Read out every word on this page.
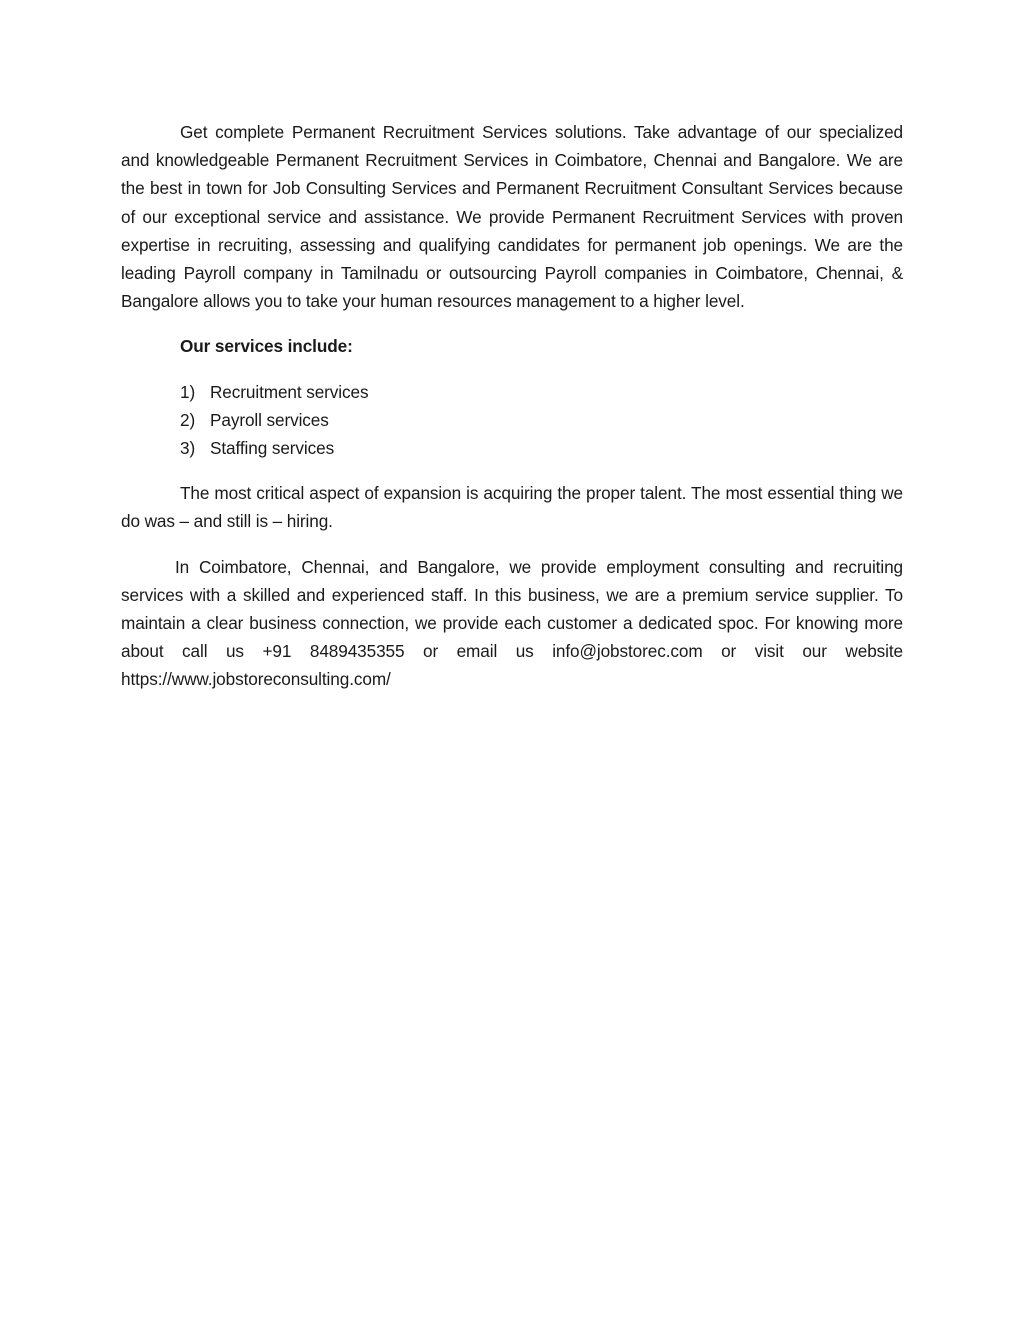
Get complete Permanent Recruitment Services solutions. Take advantage of our specialized and knowledgeable Permanent Recruitment Services in Coimbatore, Chennai and Bangalore. We are the best in town for Job Consulting Services and Permanent Recruitment Consultant Services because of our exceptional service and assistance. We provide Permanent Recruitment Services with proven expertise in recruiting, assessing and qualifying candidates for permanent job openings. We are the leading Payroll company in Tamilnadu or outsourcing Payroll companies in Coimbatore, Chennai, & Bangalore allows you to take your human resources management to a higher level.

Our services include:

1) Recruitment services
2) Payroll services
3) Staffing services

The most critical aspect of expansion is acquiring the proper talent. The most essential thing we do was – and still is – hiring.

In Coimbatore, Chennai, and Bangalore, we provide employment consulting and recruiting services with a skilled and experienced staff. In this business, we are a premium service supplier. To maintain a clear business connection, we provide each customer a dedicated spoc. For knowing more about call us +91 8489435355 or email us info@jobstorec.com or visit our website https://www.jobstoreconsulting.com/
